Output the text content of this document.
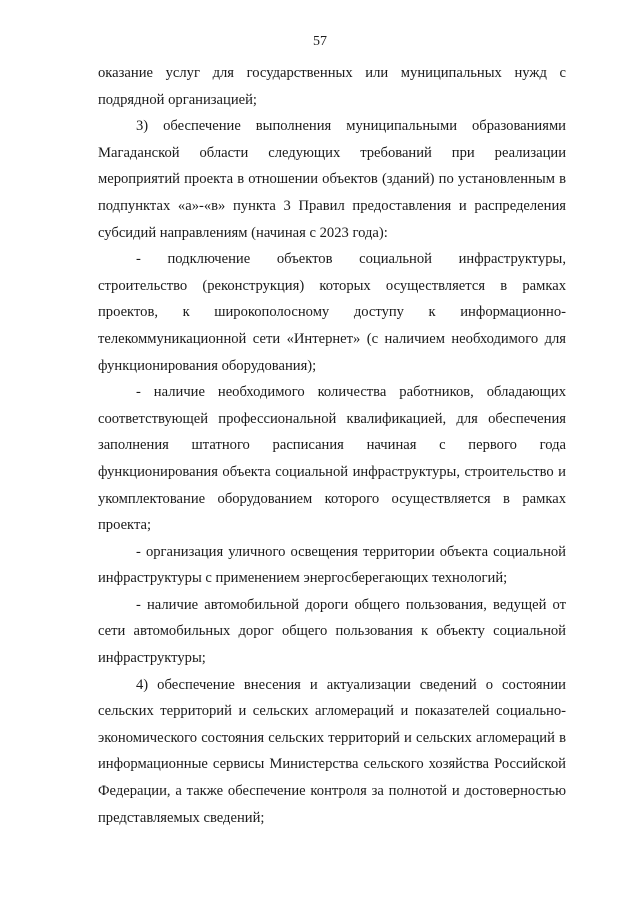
57

оказание услуг для государственных или муниципальных нужд с подрядной организацией;

3) обеспечение выполнения муниципальными образованиями Магаданской области следующих требований при реализации мероприятий проекта в отношении объектов (зданий) по установленным в подпунктах «а»-«в» пункта 3 Правил предоставления и распределения субсидий направлениям (начиная с 2023 года):

- подключение объектов социальной инфраструктуры, строительство (реконструкция) которых осуществляется в рамках проектов, к широкополосному доступу к информационно-телекоммуникационной сети «Интернет» (с наличием необходимого для функционирования оборудования);

- наличие необходимого количества работников, обладающих соответствующей профессиональной квалификацией, для обеспечения заполнения штатного расписания начиная с первого года функционирования объекта социальной инфраструктуры, строительство и укомплектование оборудованием которого осуществляется в рамках проекта;

- организация уличного освещения территории объекта социальной инфраструктуры с применением энергосберегающих технологий;

- наличие автомобильной дороги общего пользования, ведущей от сети автомобильных дорог общего пользования к объекту социальной инфраструктуры;

4) обеспечение внесения и актуализации сведений о состоянии сельских территорий и сельских агломераций и показателей социально-экономического состояния сельских территорий и сельских агломераций в информационные сервисы Министерства сельского хозяйства Российской Федерации, а также обеспечение контроля за полнотой и достоверностью представляемых сведений;
